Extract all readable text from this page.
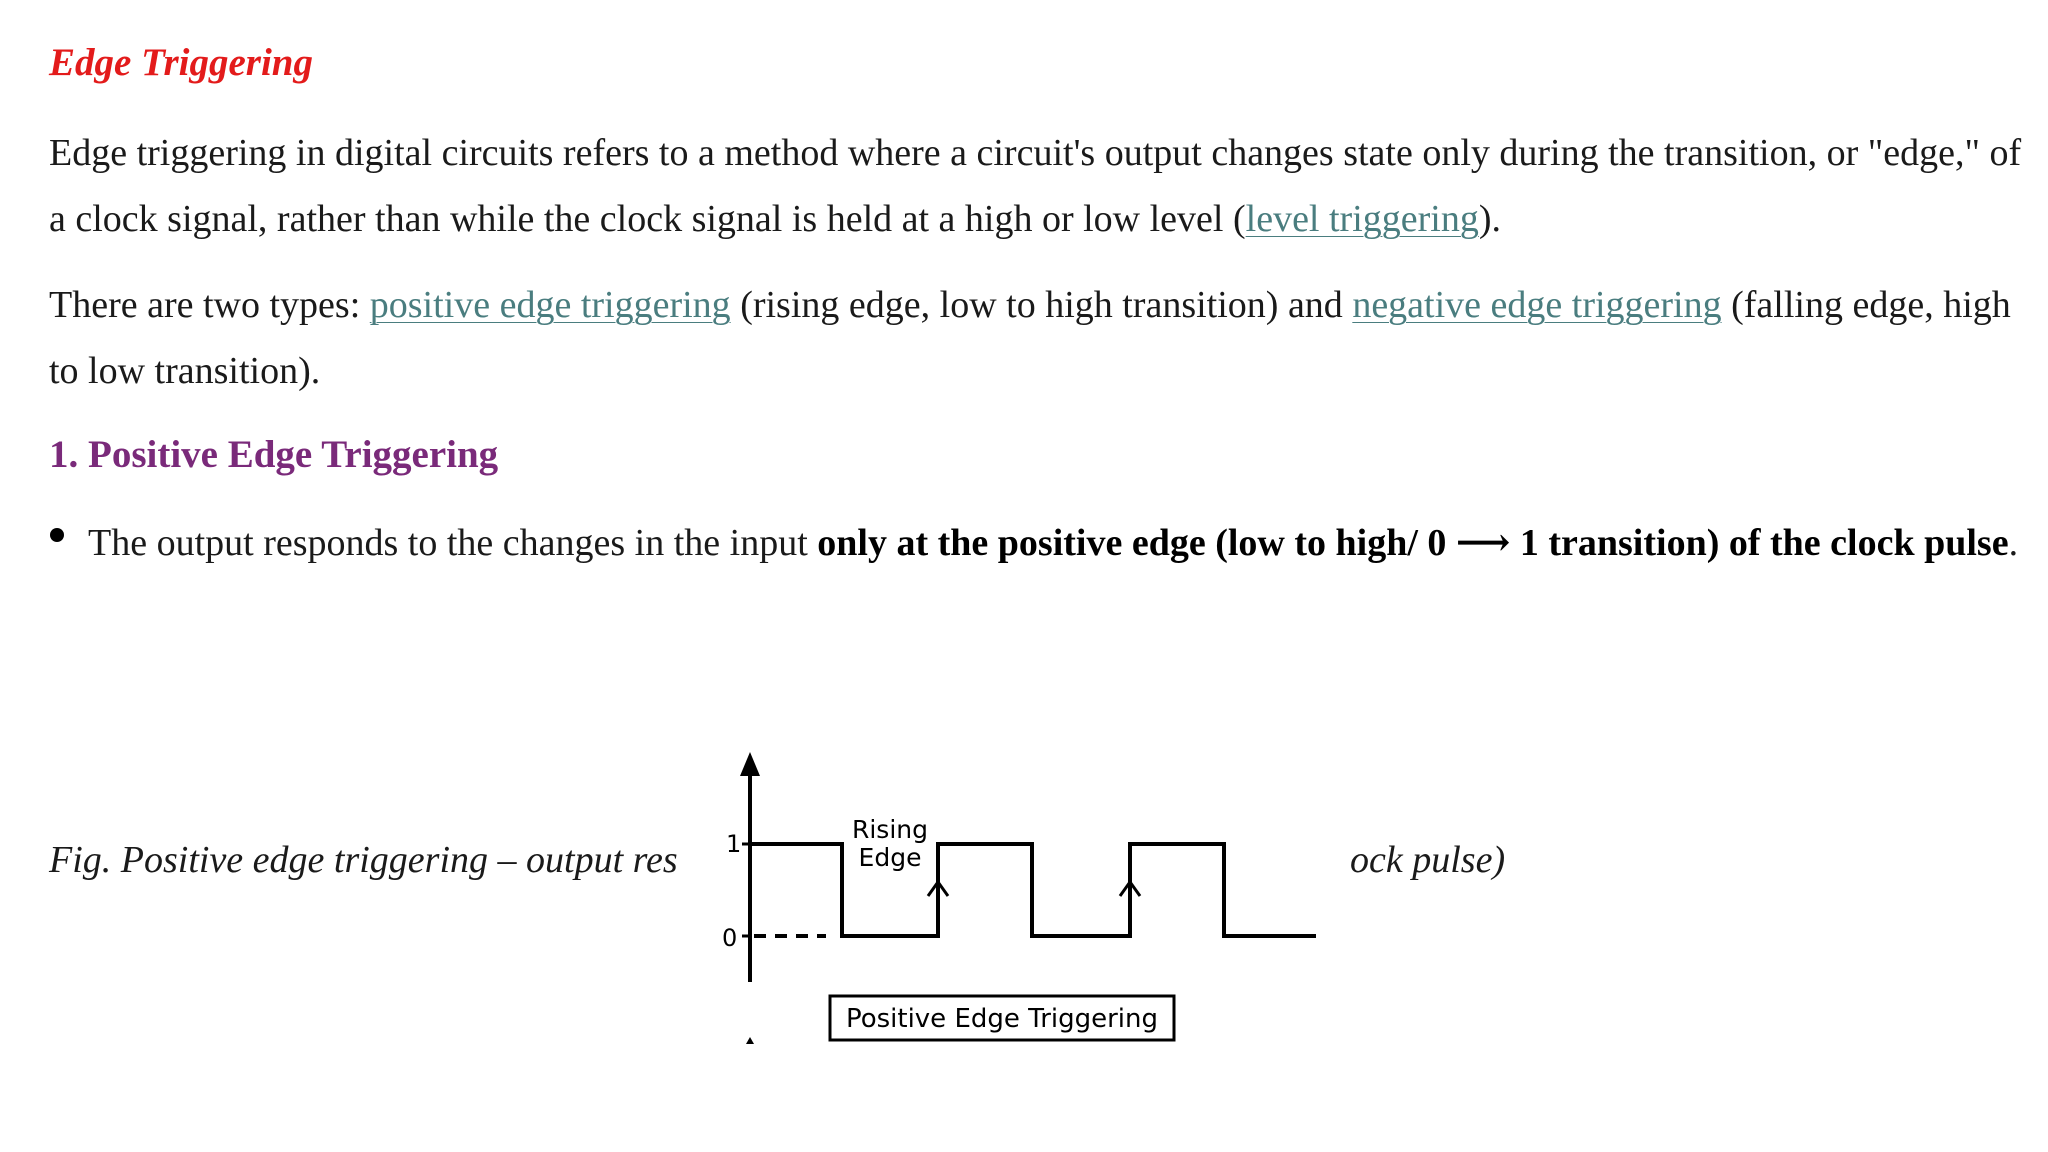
Edge Triggering

Edge triggering in digital circuits refers to a method where a circuit's output changes state only during the transition, or "edge," of a clock signal, rather than while the clock signal is held at a high or low level (level triggering).

There are two types: positive edge triggering (rising edge, low to high transition) and negative edge triggering (falling edge, high to low transition).

1. Positive Edge Triggering

The output responds to the changes in the input only at the positive edge (low to high/ 0 ⟶ 1 transition) of the clock pulse.

Fig. Positive edge triggering – output res	ock pulse)

1
0
Rising
Edge
Positive Edge Triggering
